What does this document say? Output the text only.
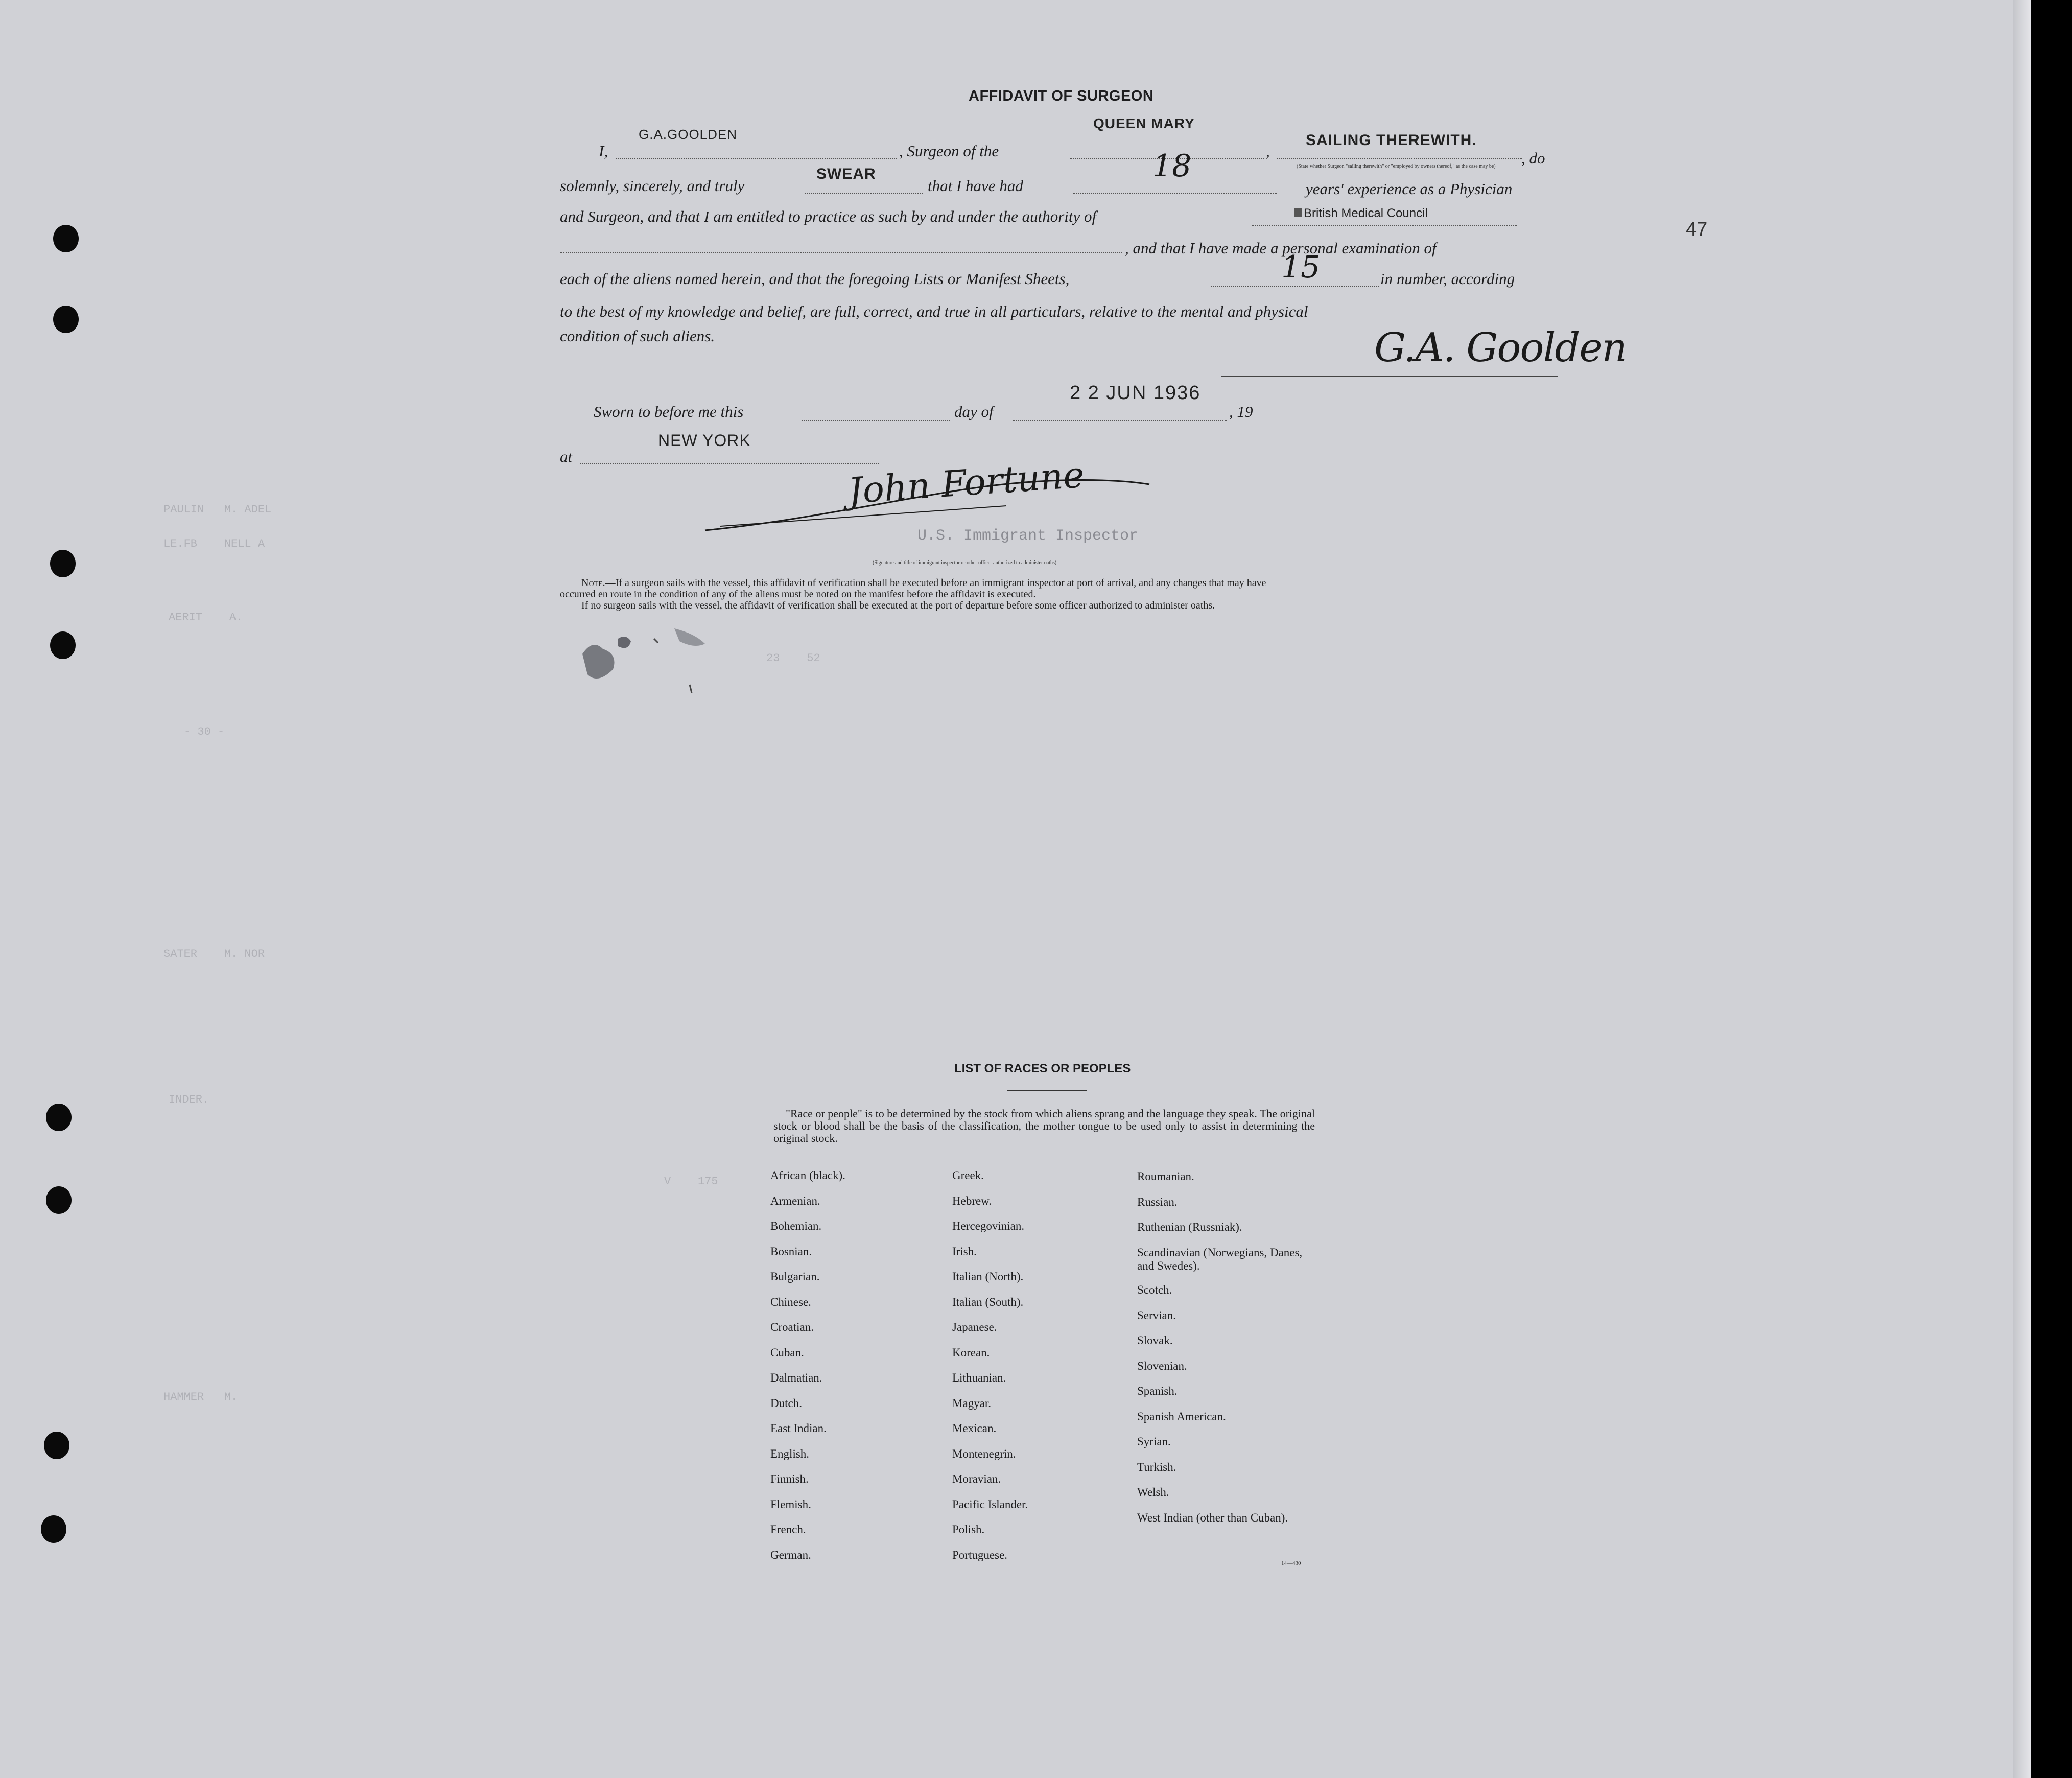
PAULIN   M. ADEL
LE.FB    NELL A
AERIT    A.
- 30 -
SATER    M. NOR
INDER.
HAMMER   M.
V    175
23    52
47
AFFIDAVIT OF SURGEON
I,
G.A.GOOLDEN
, Surgeon of the
QUEEN MARY
,
SAILING THEREWITH.
, do
(State whether Surgeon "sailing therewith" or "employed by owners thereof," as the case may be)
solemnly, sincerely, and truly
SWEAR
that I have had
18
years' experience as a Physician
and Surgeon, and that I am entitled to practice as such by and under the authority of	British Medical Council
, and that I have made a personal examination of
each of the aliens named herein, and that the foregoing Lists or Manifest Sheets,	15	in number, according
to the best of my knowledge and belief, are full, correct, and true in all particulars, relative to the mental and physical
condition of such aliens.	G.A. Goolden
Sworn to before me this	day of
2 2 JUN 1936
, 19
at
NEW YORK
John Fortune
U.S. Immigrant Inspector
(Signature and title of immigrant inspector or other officer authorized to administer oaths)
Note.—If a surgeon sails with the vessel, this affidavit of verification shall be executed before an immigrant inspector at port of arrival, and any changes that may have
occurred en route in the condition of any of the aliens must be noted on the manifest before the affidavit is executed.
If no surgeon sails with the vessel, the affidavit of verification shall be executed at the port of departure before some officer authorized to administer oaths.
LIST OF RACES OR PEOPLES
"Race or people" is to be determined by the stock from which aliens sprang and the language they speak. The original stock or blood shall be the basis of the classification, the mother tongue to be used only to assist in determining the original stock.
African (black).
Armenian.
Bohemian.
Bosnian.
Bulgarian.
Chinese.
Croatian.
Cuban.
Dalmatian.
Dutch.
East Indian.
English.
Finnish.
Flemish.
French.
German.
Greek.
Hebrew.
Hercegovinian.
Irish.
Italian (North).
Italian (South).
Japanese.
Korean.
Lithuanian.
Magyar.
Mexican.
Montenegrin.
Moravian.
Pacific Islander.
Polish.
Portuguese.
Roumanian.
Russian.
Ruthenian (Russniak).
Scandinavian (Norwegians, Danes, and Swedes).
Scotch.
Servian.
Slovak.
Slovenian.
Spanish.
Spanish American.
Syrian.
Turkish.
Welsh.
West Indian (other than Cuban).
14—430
